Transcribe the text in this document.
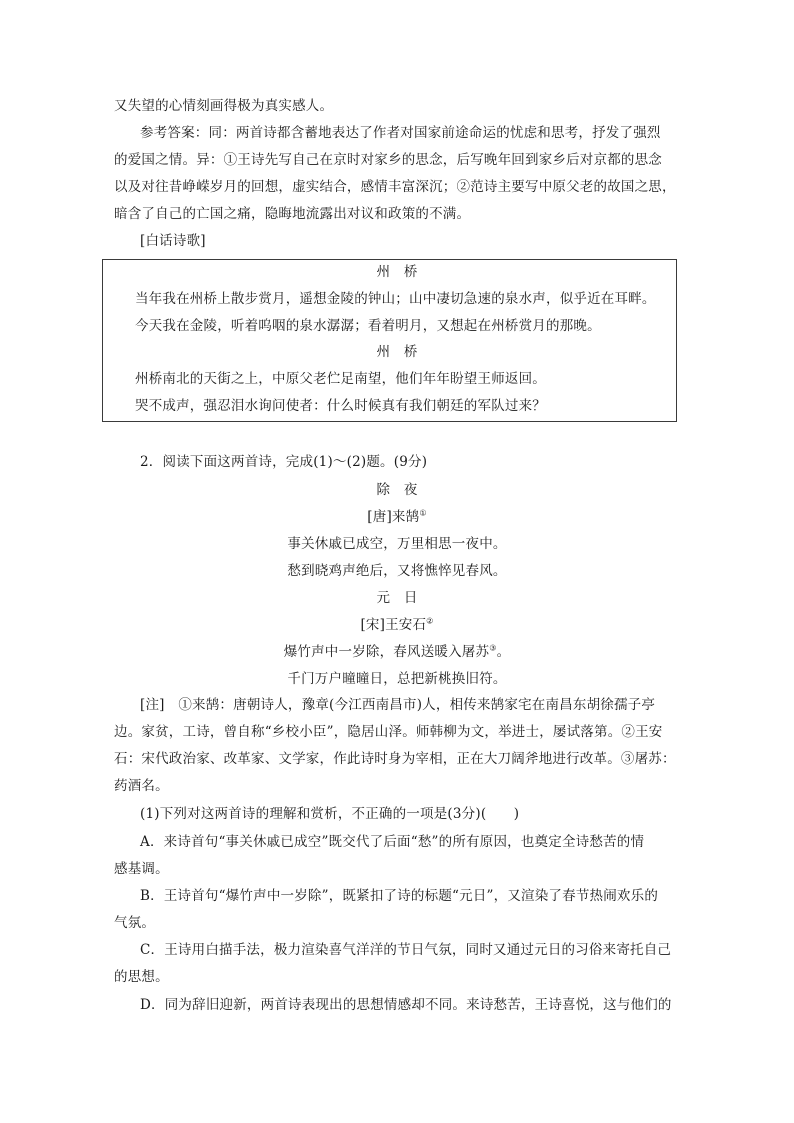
又失望的心情刻画得极为真实感人。
参考答案：同：两首诗都含蓄地表达了作者对国家前途命运的忧虑和思考，抒发了强烈
的爱国之情。异：①王诗先写自己在京时对家乡的思念，后写晚年回到家乡后对京都的思念
以及对往昔峥嵘岁月的回想，虚实结合，感情丰富深沉；②范诗主要写中原父老的故国之思，
暗含了自己的亡国之痛，隐晦地流露出对议和政策的不满。
[白话诗歌]
州　桥
当年我在州桥上散步赏月，遥想金陵的钟山；山中凄切急速的泉水声，似乎近在耳畔。
今天我在金陵，听着呜咽的泉水潺潺；看着明月，又想起在州桥赏月的那晚。
州　桥
州桥南北的天街之上，中原父老伫足南望，他们年年盼望王师返回。
哭不成声，强忍泪水询问使者：什么时候真有我们朝廷的军队过来？
2．阅读下面这两首诗，完成(1)～(2)题。(9分)
除　夜
[唐]来鹄①
事关休戚已成空，万里相思一夜中。
愁到晓鸡声绝后，又将憔悴见春风。
元　日
[宋]王安石②
爆竹声中一岁除，春风送暖入屠苏③。
千门万户曈曈日，总把新桃换旧符。
[注]　①来鹄：唐朝诗人，豫章(今江西南昌市)人，相传来鹄家宅在南昌东胡徐孺子亭
边。家贫，工诗，曾自称“乡校小臣”，隐居山泽。师韩柳为文，举进士，屡试落第。②王安
石：宋代政治家、改革家、文学家，作此诗时身为宰相，正在大刀阔斧地进行改革。③屠苏：
药酒名。
(1)下列对这两首诗的理解和赏析，不正确的一项是(3分)(　　)
A．来诗首句“事关休戚已成空”既交代了后面“愁”的所有原因，也奠定全诗愁苦的情
感基调。
B．王诗首句“爆竹声中一岁除”，既紧扣了诗的标题“元日”，又渲染了春节热闹欢乐的
气氛。
C．王诗用白描手法，极力渲染喜气洋洋的节日气氛，同时又通过元日的习俗来寄托自己
的思想。
D．同为辞旧迎新，两首诗表现出的思想情感却不同。来诗愁苦，王诗喜悦，这与他们的
